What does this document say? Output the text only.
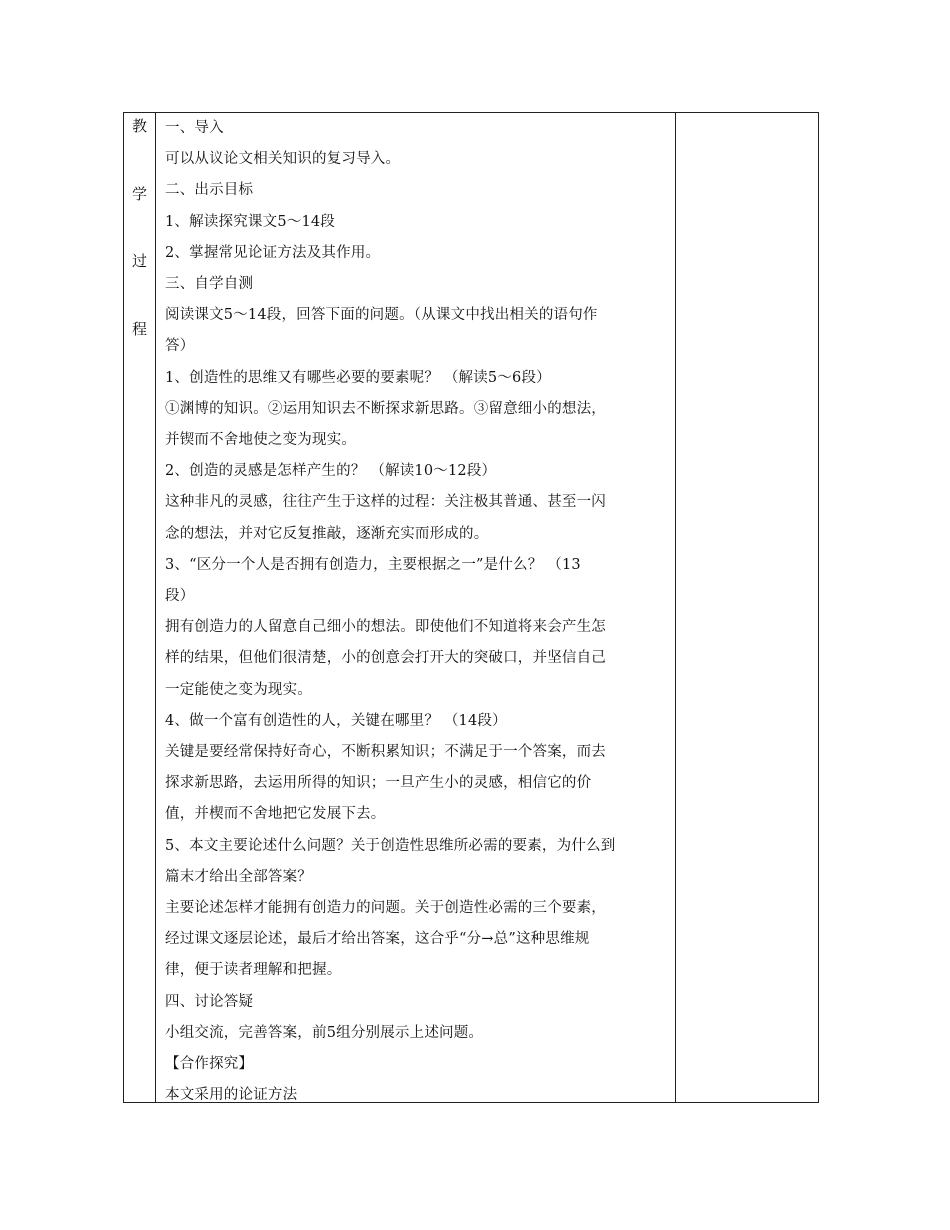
教
学
过
程

一、导入

可以从议论文相关知识的复习导入。

二、出示目标

1、解读探究课文5～14段

2、掌握常见论证方法及其作用。

三、自学自测

阅读课文5～14段，回答下面的问题。（从课文中找出相关的语句作

答）

1、创造性的思维又有哪些必要的要素呢？ （解读5～6段）

①渊博的知识。②运用知识去不断探求新思路。③留意细小的想法，

并锲而不舍地使之变为现实。

2、创造的灵感是怎样产生的？ （解读10～12段）

这种非凡的灵感，往往产生于这样的过程：关注极其普通、甚至一闪

念的想法，并对它反复推敲，逐渐充实而形成的。

3、“区分一个人是否拥有创造力，主要根据之一”是什么？ （13

段）

拥有创造力的人留意自己细小的想法。即使他们不知道将来会产生怎

样的结果，但他们很清楚，小的创意会打开大的突破口，并坚信自己

一定能使之变为现实。

4、做一个富有创造性的人，关键在哪里？ （14段）

关键是要经常保持好奇心，不断积累知识；不满足于一个答案，而去

探求新思路，去运用所得的知识；一旦产生小的灵感，相信它的价

值，并楔而不舍地把它发展下去。

5、本文主要论述什么问题？关于创造性思维所必需的要素，为什么到

篇末才给出全部答案？

主要论述怎样才能拥有创造力的问题。关于创造性必需的三个要素，

经过课文逐层论述，最后才给出答案，这合乎“分→总”这种思维规

律，便于读者理解和把握。

四、讨论答疑

小组交流，完善答案，前5组分别展示上述问题。

【合作探究】

本文采用的论证方法
